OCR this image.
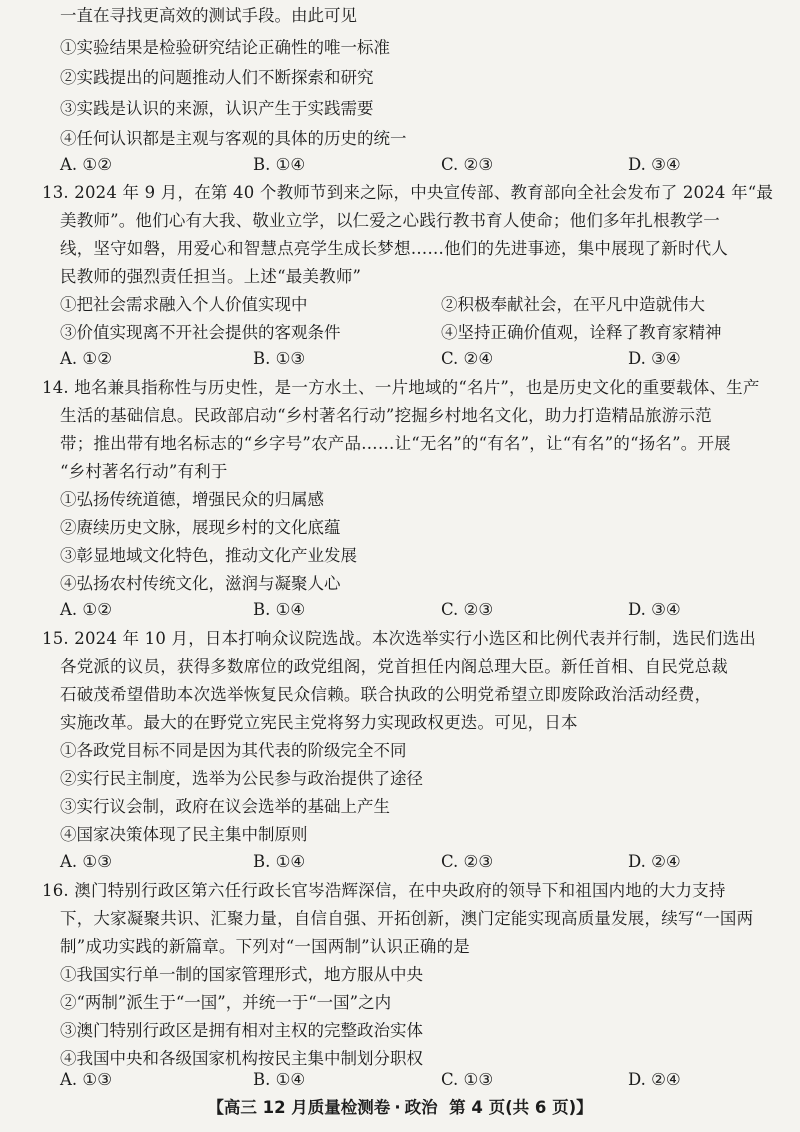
一直在寻找更高效的测试手段。由此可见
①实验结果是检验研究结论正确性的唯一标准
②实践提出的问题推动人们不断探索和研究
③实践是认识的来源，认识产生于实践需要
④任何认识都是主观与客观的具体的历史的统一
A. ①②	B. ①④	C. ②③	D. ③④
13. 2024 年 9 月，在第 40 个教师节到来之际，中央宣传部、教育部向全社会发布了 2024 年“最
美教师”。他们心有大我、敬业立学，以仁爱之心践行教书育人使命；他们多年扎根教学一
线，坚守如磐，用爱心和智慧点亮学生成长梦想……他们的先进事迹，集中展现了新时代人
民教师的强烈责任担当。上述“最美教师”
①把社会需求融入个人价值实现中	②积极奉献社会，在平凡中造就伟大
③价值实现离不开社会提供的客观条件	④坚持正确价值观，诠释了教育家精神
A. ①②	B. ①③	C. ②④	D. ③④
14. 地名兼具指称性与历史性，是一方水土、一片地域的“名片”，也是历史文化的重要载体、生产
生活的基础信息。民政部启动“乡村著名行动”挖掘乡村地名文化，助力打造精品旅游示范
带；推出带有地名标志的“乡字号”农产品……让“无名”的“有名”，让“有名”的“扬名”。开展
“乡村著名行动”有利于
①弘扬传统道德，增强民众的归属感
②赓续历史文脉，展现乡村的文化底蕴
③彰显地域文化特色，推动文化产业发展
④弘扬农村传统文化，滋润与凝聚人心
A. ①②	B. ①④	C. ②③	D. ③④
15. 2024 年 10 月，日本打响众议院选战。本次选举实行小选区和比例代表并行制，选民们选出
各党派的议员，获得多数席位的政党组阁，党首担任内阁总理大臣。新任首相、自民党总裁
石破茂希望借助本次选举恢复民众信赖。联合执政的公明党希望立即废除政治活动经费，
实施改革。最大的在野党立宪民主党将努力实现政权更迭。可见，日本
①各政党目标不同是因为其代表的阶级完全不同
②实行民主制度，选举为公民参与政治提供了途径
③实行议会制，政府在议会选举的基础上产生
④国家决策体现了民主集中制原则
A. ①③	B. ①④	C. ②③	D. ②④
16. 澳门特别行政区第六任行政长官岑浩辉深信，在中央政府的领导下和祖国内地的大力支持
下，大家凝聚共识、汇聚力量，自信自强、开拓创新，澳门定能实现高质量发展，续写“一国两
制”成功实践的新篇章。下列对“一国两制”认识正确的是
①我国实行单一制的国家管理形式，地方服从中央
②“两制”派生于“一国”，并统一于“一国”之内
③澳门特别行政区是拥有相对主权的完整政治实体
④我国中央和各级国家机构按民主集中制划分职权
A. ①③	B. ①④	C. ①③	D. ②④
【高三 12 月质量检测卷 · 政治 第 4 页(共 6 页)】
